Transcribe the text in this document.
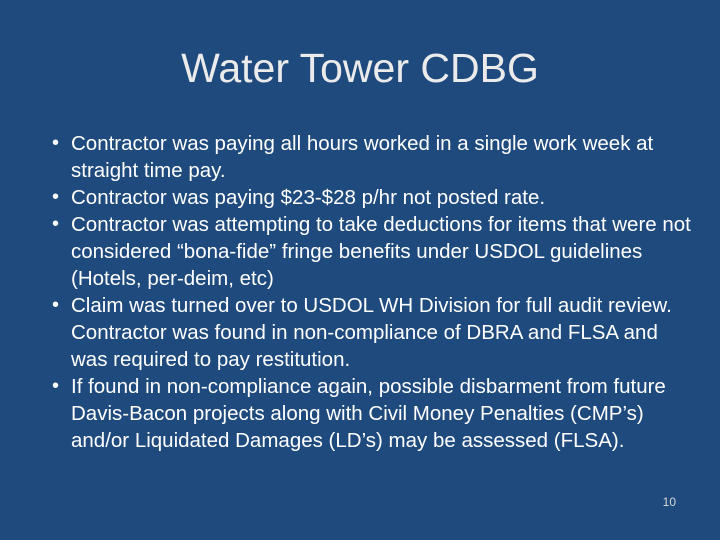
Water Tower CDBG
• Contractor was paying all hours worked in a single work week at straight time pay.
• Contractor was paying $23-$28 p/hr not posted rate.
• Contractor was attempting to take deductions for items that were not considered “bona-fide” fringe benefits under USDOL guidelines (Hotels, per-deim, etc)
• Claim was turned over to USDOL WH Division for full audit review. Contractor was found in non-compliance of DBRA and FLSA and was required to pay restitution.
• If found in non-compliance again, possible disbarment from future Davis-Bacon projects along with Civil Money Penalties (CMP’s) and/or Liquidated Damages (LD’s) may be assessed (FLSA).
10
